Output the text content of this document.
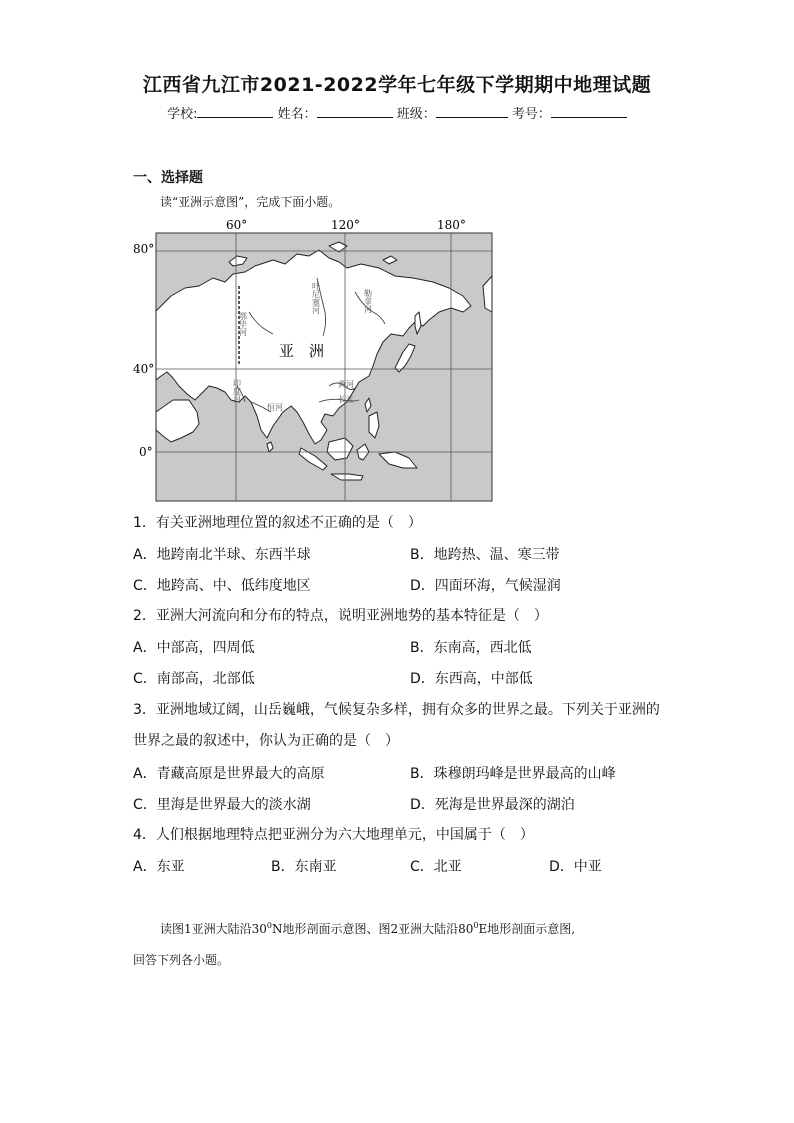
江西省九江市2021-2022学年七年级下学期期中地理试题
学校:	姓名：	班级：	考号：
一、选择题
读“亚洲示意图”，完成下面小题。
60°	120°	180°
80°
40°
0°
叶尼塞河	勒拿河
鄂毕河
黄河
长江
印度河
恒河
亚　洲
1．有关亚洲地理位置的叙述不正确的是（　）
A．地跨南北半球、东西半球	B．地跨热、温、寒三带
C．地跨高、中、低纬度地区	D．四面环海，气候湿润
2．亚洲大河流向和分布的特点，说明亚洲地势的基本特征是（　）
A．中部高，四周低	B．东南高，西北低
C．南部高，北部低	D．东西高，中部低
3．亚洲地域辽阔，山岳巍峨，气候复杂多样，拥有众多的世界之最。下列关于亚洲的
世界之最的叙述中，你认为正确的是（　）
A．青藏高原是世界最大的高原	B．珠穆朗玛峰是世界最高的山峰
C．里海是世界最大的淡水湖	D．死海是世界最深的湖泊
4．人们根据地理特点把亚洲分为六大地理单元，中国属于（　）
A．东亚	B．东南亚	C．北亚	D．中亚
读图1亚洲大陆沿$30^0N$地形剖面示意图、图2亚洲大陆沿$80^0E$地形剖面示意图,
回答下列各小题。
